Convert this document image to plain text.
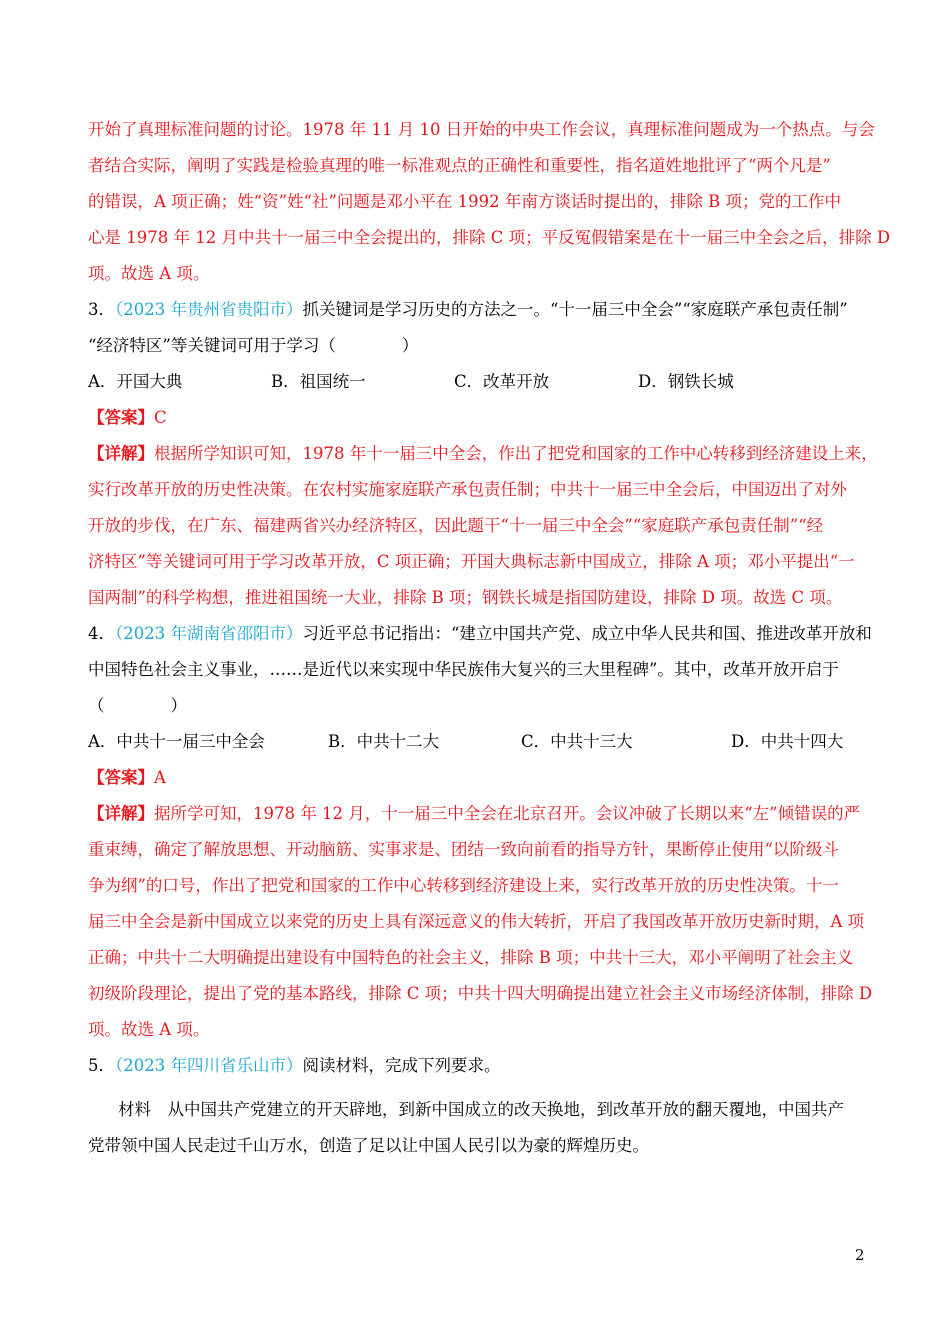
开始了真理标准问题的讨论。1978 年 11 月 10 日开始的中央工作会议，真理标准问题成为一个热点。与会
者结合实际，阐明了实践是检验真理的唯一标准观点的正确性和重要性，指名道姓地批评了“两个凡是”
的错误，A 项正确；姓“资”姓“社”问题是邓小平在 1992 年南方谈话时提出的，排除 B 项；党的工作中
心是 1978 年 12 月中共十一届三中全会提出的，排除 C 项；平反冤假错案是在十一届三中全会之后，排除 D
项。故选 A 项。
3．（2023 年贵州省贵阳市）抓关键词是学习历史的方法之一。“十一届三中全会”“家庭联产承包责任制”
“经济特区”等关键词可用于学习（　　　　）
A．开国大典	B．祖国统一	C．改革开放	D．钢铁长城
【答案】C
【详解】根据所学知识可知，1978 年十一届三中全会，作出了把党和国家的工作中心转移到经济建设上来，
实行改革开放的历史性决策。在农村实施家庭联产承包责任制；中共十一届三中全会后，中国迈出了对外
开放的步伐，在广东、福建两省兴办经济特区，因此题干“十一届三中全会”“家庭联产承包责任制”“经
济特区”等关键词可用于学习改革开放，C 项正确；开国大典标志新中国成立，排除 A 项；邓小平提出“一
国两制”的科学构想，推进祖国统一大业，排除 B 项；钢铁长城是指国防建设，排除 D 项。故选 C 项。
4．（2023 年湖南省邵阳市）习近平总书记指出：“建立中国共产党、成立中华人民共和国、推进改革开放和
中国特色社会主义事业，……是近代以来实现中华民族伟大复兴的三大里程碑”。其中，改革开放开启于
（　　　　）
A．中共十一届三中全会	B．中共十二大	C．中共十三大	D．中共十四大
【答案】A
【详解】据所学可知，1978 年 12 月，十一届三中全会在北京召开。会议冲破了长期以来“左”倾错误的严
重束缚，确定了解放思想、开动脑筋、实事求是、团结一致向前看的指导方针，果断停止使用“以阶级斗
争为纲”的口号，作出了把党和国家的工作中心转移到经济建设上来，实行改革开放的历史性决策。十一
届三中全会是新中国成立以来党的历史上具有深远意义的伟大转折，开启了我国改革开放历史新时期，A 项
正确；中共十二大明确提出建设有中国特色的社会主义，排除 B 项；中共十三大，邓小平阐明了社会主义
初级阶段理论，提出了党的基本路线，排除 C 项；中共十四大明确提出建立社会主义市场经济体制，排除 D
项。故选 A 项。
5．（2023 年四川省乐山市）阅读材料，完成下列要求。
材料　从中国共产党建立的开天辟地，到新中国成立的改天换地，到改革开放的翻天覆地，中国共产
党带领中国人民走过千山万水，创造了足以让中国人民引以为豪的辉煌历史。
2
